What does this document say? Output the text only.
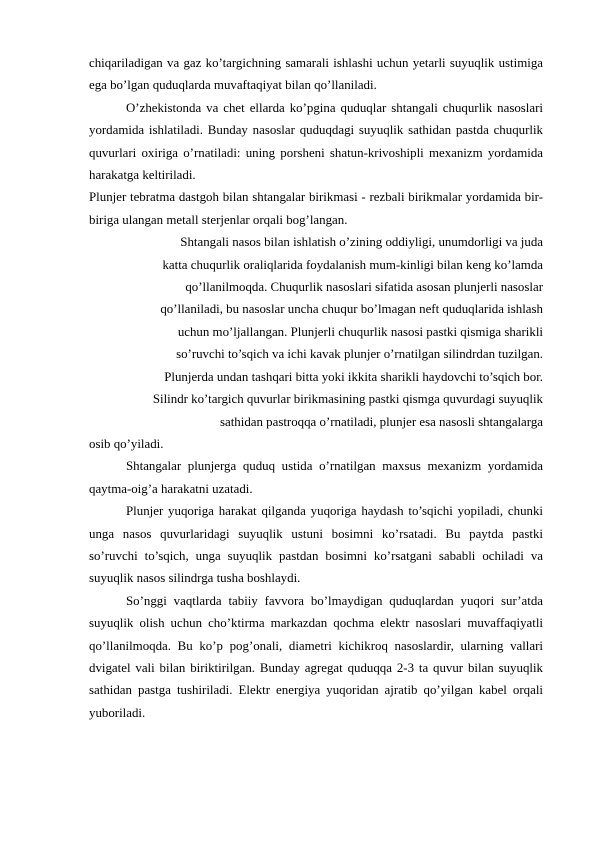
chiqariladigan va gaz ko’targichning samarali ishlashi uchun yetarli suyuqlik ustimiga ega bo’lgan quduqlarda muvaftaqiyat bilan qo’llaniladi.

O’zhekistonda va chet ellarda ko’pgina quduqlar shtangali chuqurlik nasoslari yordamida ishlatiladi. Bunday nasoslar quduqdagi suyuqlik sathidan pastda chuqurlik quvurlari oxiriga o’rnatiladi: uning porsheni shatun-krivoshipli mexanizm yordamida harakatga keltiriladi.

Plunjer tebratma dastgoh bilan shtangalar birikmasi - rezbali birikmalar yordamida bir-biriga ulangan metall sterjenlar orqali bog’langan.

Shtangali nasos bilan ishlatish o’zining oddiyligi, unumdorligi va juda
katta chuqurlik oraliqlarida foydalanish mum-kinligi bilan keng ko’lamda
qo’llanilmoqda. Chuqurlik nasoslari sifatida asosan plunjerli nasoslar
qo’llaniladi, bu nasoslar uncha chuqur bo’lmagan neft quduqlarida ishlash
uchun mo’ljallangan. Plunjerli chuqurlik nasosi pastki qismiga sharikli
so’ruvchi to’sqich va ichi kavak plunjer o’rnatilgan silindrdan tuzilgan.
Plunjerda undan tashqari bitta yoki ikkita sharikli haydovchi to’sqich bor.
Silindr ko’targich quvurlar birikmasining pastki qismga quvurdagi suyuqlik
sathidan pastroqqa o’rnatiladi, plunjer esa nasosli shtangalarga
osib qo’yiladi.

Shtangalar plunjerga quduq ustida o’rnatilgan maxsus mexanizm yordamida qaytma-oig’a harakatni uzatadi.

Plunjer yuqoriga harakat qilganda yuqoriga haydash to’sqichi yopiladi, chunki unga nasos quvurlaridagi suyuqlik ustuni bosimni ko’rsatadi. Bu paytda pastki so’ruvchi to’sqich, unga suyuqlik pastdan bosimni ko’rsatgani sababli ochiladi va suyuqlik nasos silindrga tusha boshlaydi.

So’nggi vaqtlarda tabiiy favvora bo’lmaydigan quduqlardan yuqori sur’atda suyuqlik olish uchun cho’ktirma markazdan qochma elektr nasoslari muvaffaqiyatli qo’llanilmoqda. Bu ko’p pog’onali, diametri kichikroq nasoslardir, ularning vallari dvigatel vali bilan biriktirilgan. Bunday agregat quduqqa 2-3 ta quvur bilan suyuqlik sathidan pastga tushiriladi. Elektr energiya yuqoridan ajratib qo’yilgan kabel orqali yuboriladi.
